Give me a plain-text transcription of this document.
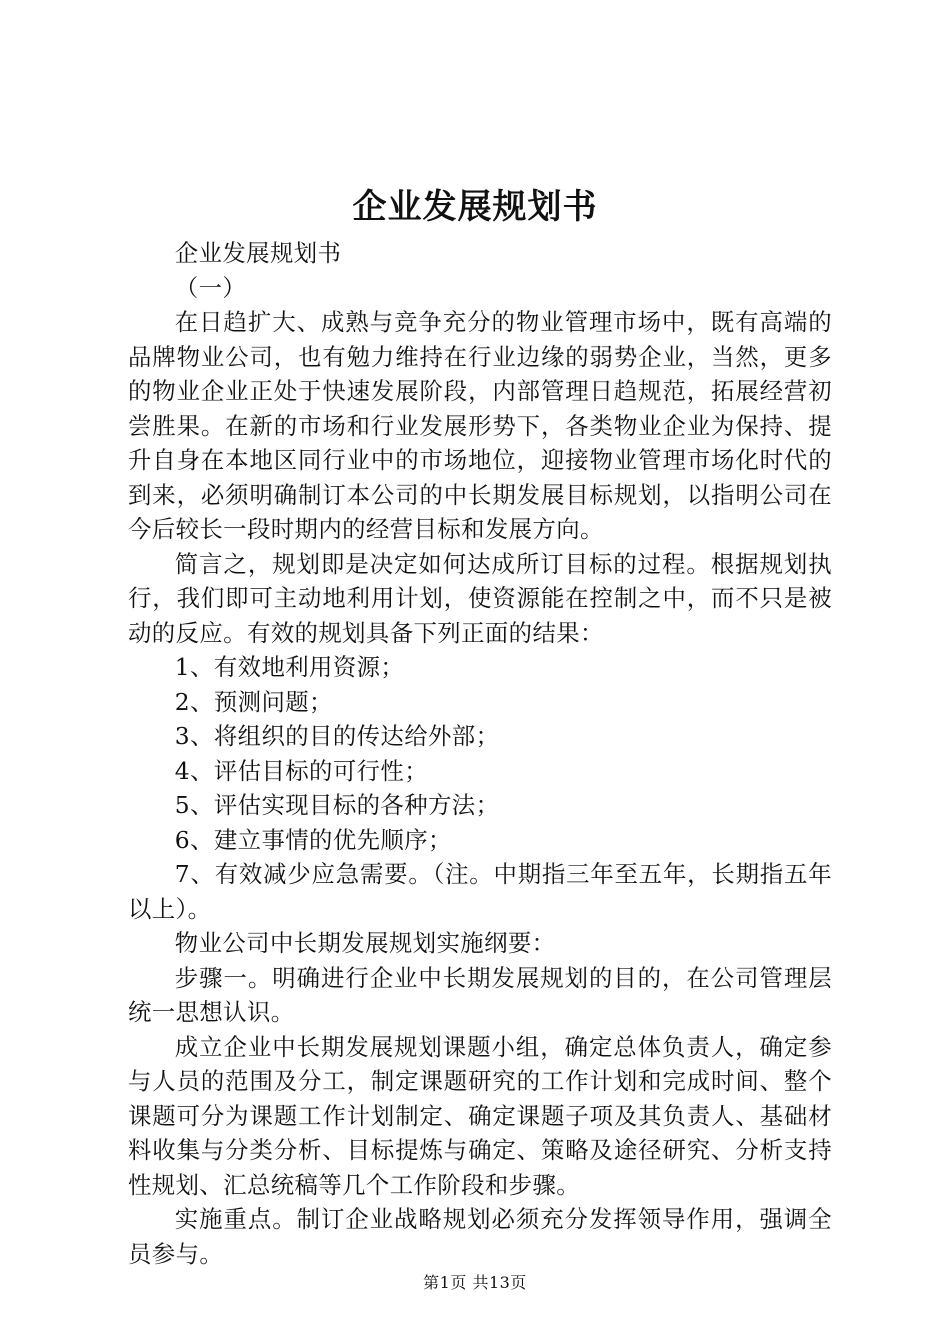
企业发展规划书

企业发展规划书

（一）

在日趋扩大、成熟与竞争充分的物业管理市场中，既有高端的品牌物业公司，也有勉力维持在行业边缘的弱势企业，当然，更多的物业企业正处于快速发展阶段，内部管理日趋规范，拓展经营初尝胜果。在新的市场和行业发展形势下，各类物业企业为保持、提升自身在本地区同行业中的市场地位，迎接物业管理市场化时代的到来，必须明确制订本公司的中长期发展目标规划，以指明公司在今后较长一段时期内的经营目标和发展方向。

简言之，规划即是决定如何达成所订目标的过程。根据规划执行，我们即可主动地利用计划，使资源能在控制之中，而不只是被动的反应。有效的规划具备下列正面的结果：

1、有效地利用资源；

2、预测问题；

3、将组织的目的传达给外部；

4、评估目标的可行性；

5、评估实现目标的各种方法；

6、建立事情的优先顺序；

7、有效减少应急需要。（注。中期指三年至五年，长期指五年以上）。

物业公司中长期发展规划实施纲要：

步骤一。明确进行企业中长期发展规划的目的，在公司管理层统一思想认识。

成立企业中长期发展规划课题小组，确定总体负责人，确定参与人员的范围及分工，制定课题研究的工作计划和完成时间、整个课题可分为课题工作计划制定、确定课题子项及其负责人、基础材料收集与分类分析、目标提炼与确定、策略及途径研究、分析支持性规划、汇总统稿等几个工作阶段和步骤。

实施重点。制订企业战略规划必须充分发挥领导作用，强调全员参与。

第1页 共13页
